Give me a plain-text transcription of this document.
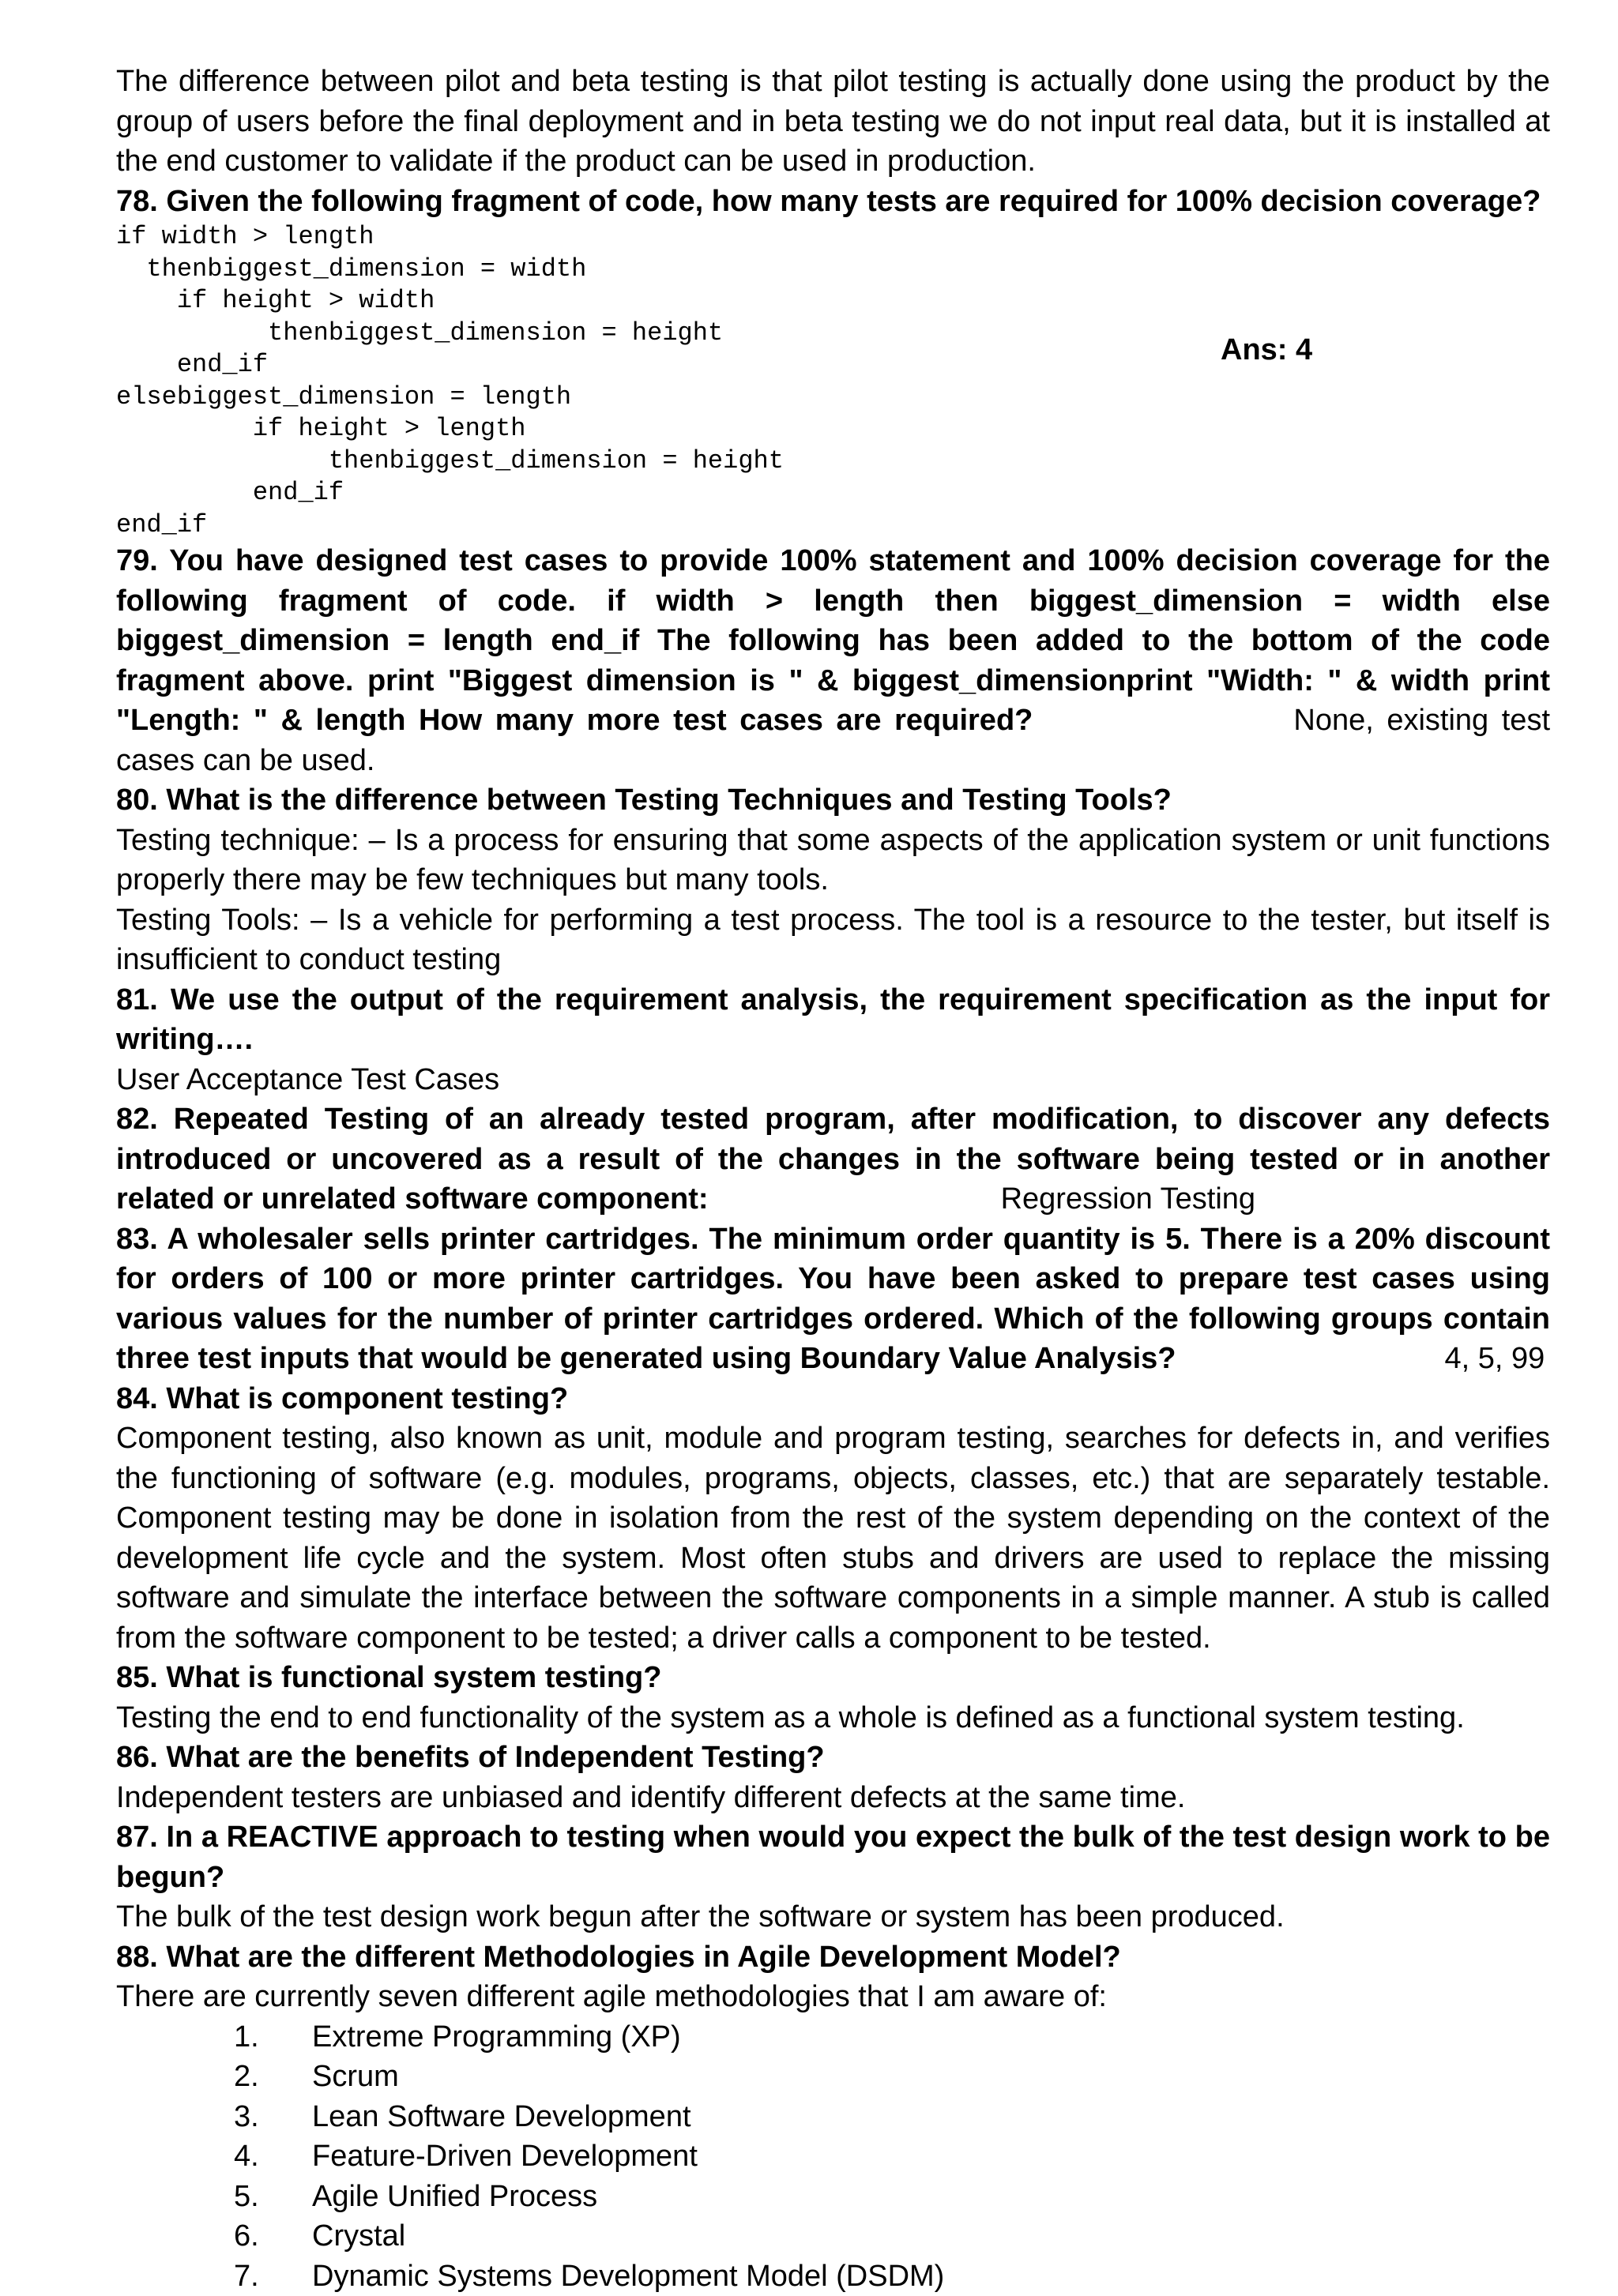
The difference between pilot and beta testing is that pilot testing is actually done using the product by the group of users before the final deployment and in beta testing we do not input real data, but it is installed at the end customer to validate if the product can be used in production.

78. Given the following fragment of code, how many tests are required for 100% decision coverage?

if width > length
thenbiggest_dimension = width
if height > width
thenbiggest_dimension = height
end_if
elsebiggest_dimension = length
if height > length
thenbiggest_dimension = height
end_if
end_if
Ans: 4

79. You have designed test cases to provide 100% statement and 100% decision coverage for the following fragment of code. if width > length then biggest_dimension = width else biggest_dimension = length end_if The following has been added to the bottom of the code fragment above. print "Biggest dimension is " & biggest_dimensionprint "Width: " & width print "Length: " & length How many more test cases are required?	None, existing test cases can be used.

80. What is the difference between Testing Techniques and Testing Tools?

Testing technique: – Is a process for ensuring that some aspects of the application system or unit functions properly there may be few techniques but many tools.

Testing Tools: – Is a vehicle for performing a test process. The tool is a resource to the tester, but itself is insufficient to conduct testing

81. We use the output of the requirement analysis, the requirement specification as the input for writing….

User Acceptance Test Cases

82. Repeated Testing of an already tested program, after modification, to discover any defects introduced or uncovered as a result of the changes in the software being tested or in another related or unrelated software component:	Regression Testing

83. A wholesaler sells printer cartridges. The minimum order quantity is 5. There is a 20% discount for orders of 100 or more printer cartridges. You have been asked to prepare test cases using various values for the number of printer cartridges ordered. Which of the following groups contain three test inputs that would be generated using Boundary Value Analysis?	4, 5, 99

84. What is component testing?

Component testing, also known as unit, module and program testing, searches for defects in, and verifies the functioning of software (e.g. modules, programs, objects, classes, etc.) that are separately testable. Component testing may be done in isolation from the rest of the system depending on the context of the development life cycle and the system. Most often stubs and drivers are used to replace the missing software and simulate the interface between the software components in a simple manner. A stub is called from the software component to be tested; a driver calls a component to be tested.

85. What is functional system testing?

Testing the end to end functionality of the system as a whole is defined as a functional system testing.

86. What are the benefits of Independent Testing?

Independent testers are unbiased and identify different defects at the same time.

87. In a REACTIVE approach to testing when would you expect the bulk of the test design work to be begun?

The bulk of the test design work begun after the software or system has been produced.

88. What are the different Methodologies in Agile Development Model?

There are currently seven different agile methodologies that I am aware of:

1. Extreme Programming (XP)
2. Scrum
3. Lean Software Development
4. Feature-Driven Development
5. Agile Unified Process
6. Crystal
7. Dynamic Systems Development Model (DSDM)
